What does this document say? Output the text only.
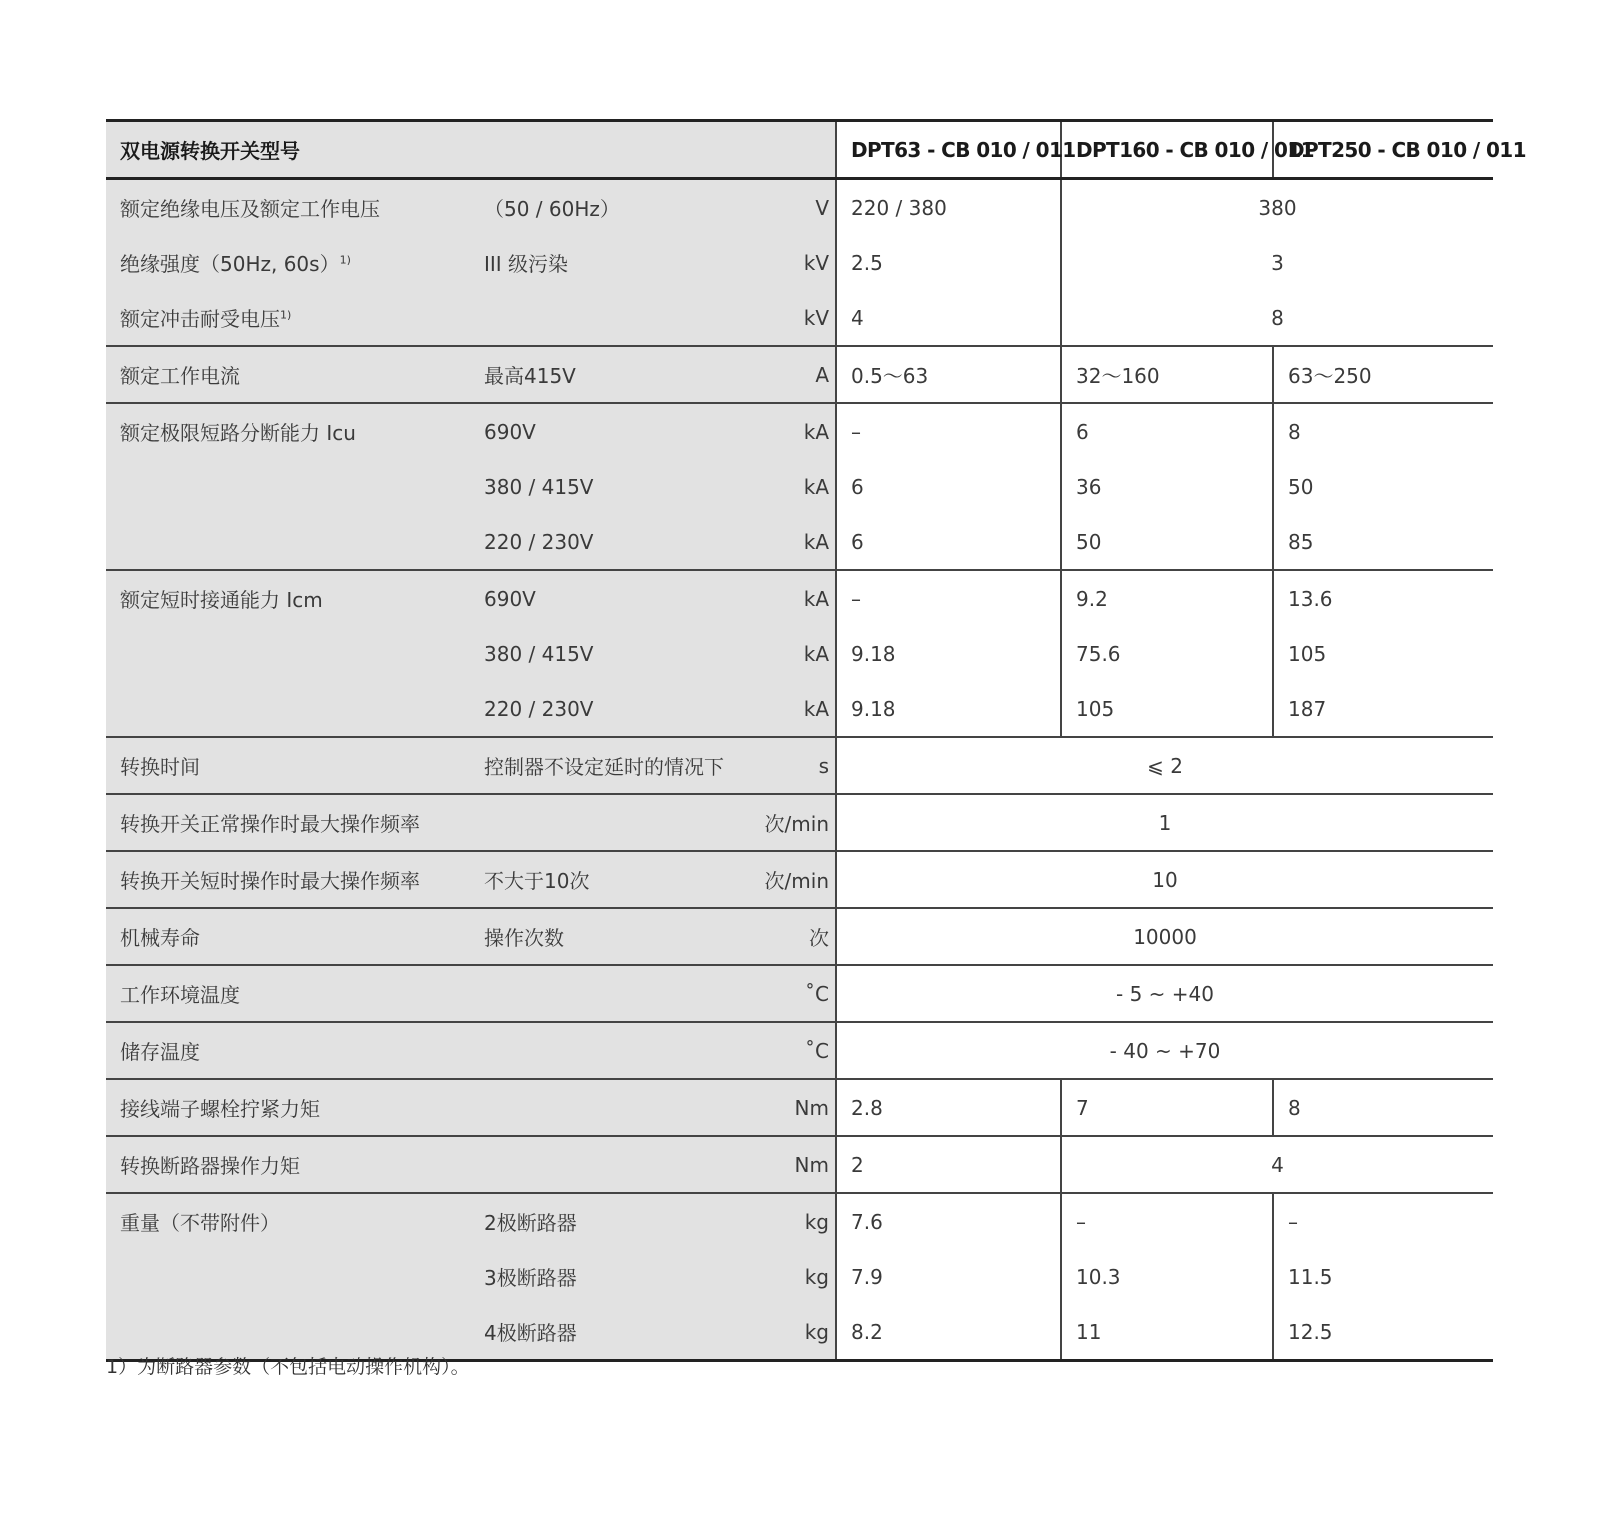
双电源转换开关型号			DPT63 - CB 010 / 011	DPT160 - CB 010 / 011	DPT250 - CB 010 / 011
额定绝缘电压及额定工作电压	（50 / 60Hz）	V	220 / 380	380	
绝缘强度（50Hz, 60s）$^{1)}$	III 级污染	kV	2.5	3	
额定冲击耐受电压$^{1)}$		kV	4	8	
额定工作电流	最高415V	A	0.5～63	32～160	63～250
额定极限短路分断能力 Icu	690V	kA	–	6	8
	380 / 415V	kA	6	36	50
	220 / 230V	kA	6	50	85
额定短时接通能力 Icm	690V	kA	–	9.2	13.6
	380 / 415V	kA	9.18	75.6	105
	220 / 230V	kA	9.18	105	187
转换时间	控制器不设定延时的情况下	s	⩽ 2		
转换开关正常操作时最大操作频率		次/min	1		
转换开关短时操作时最大操作频率	不大于10次	次/min	10		
机械寿命	操作次数	次	10000		
工作环境温度		˚C	- 5 ~ +40		
储存温度		˚C	- 40 ~ +70		
接线端子螺栓拧紧力矩		Nm	2.8	7	8
转换断路器操作力矩		Nm	2	4	
重量（不带附件）	2极断路器	kg	7.6	–	–
	3极断路器	kg	7.9	10.3	11.5
	4极断路器	kg	8.2	11	12.5
1）为断路器参数（不包括电动操作机构）。
